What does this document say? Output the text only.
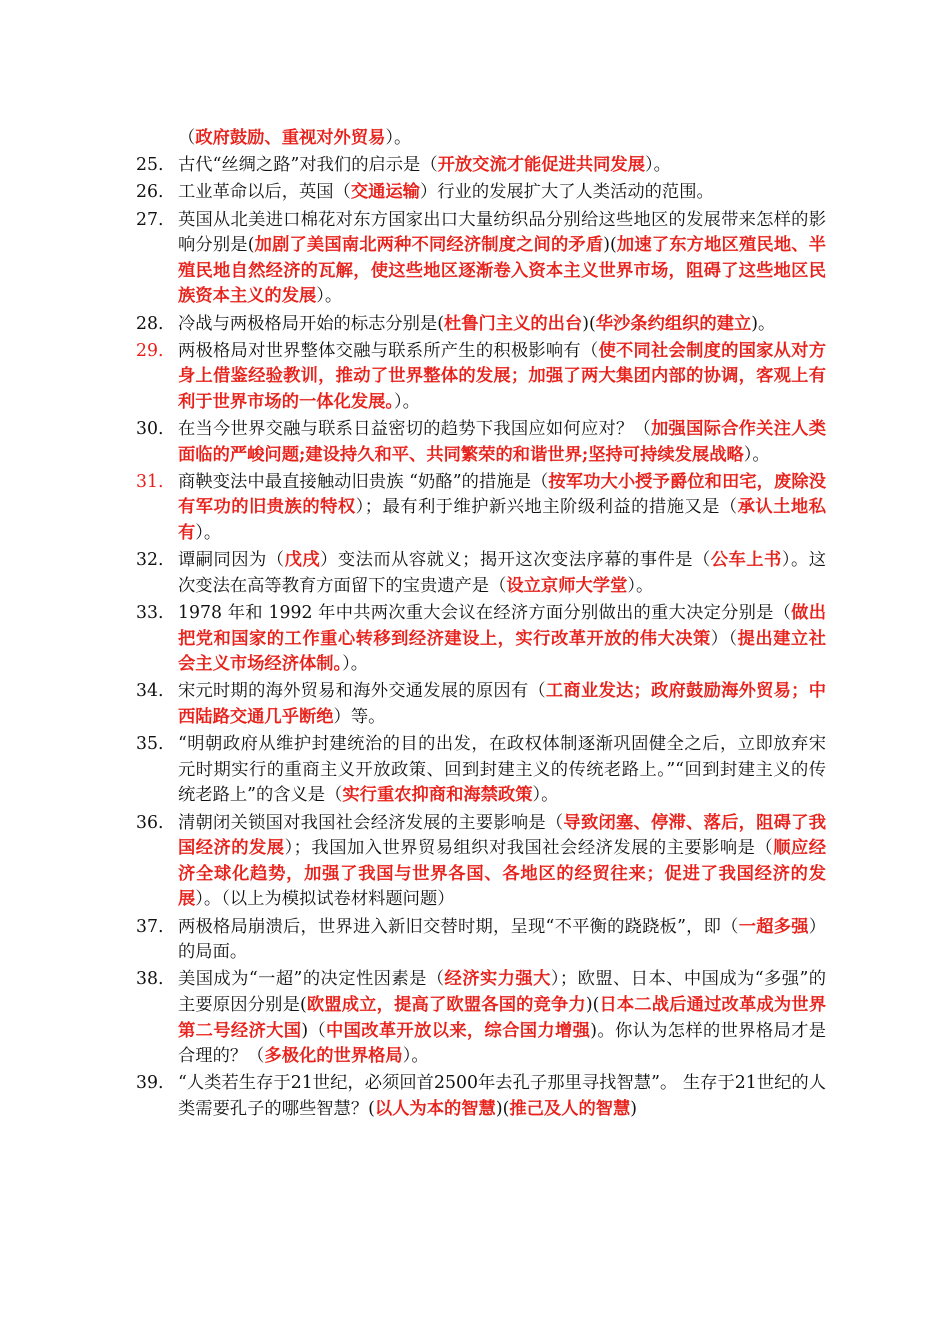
（政府鼓励、重视对外贸易）。
25. 古代“丝绸之路”对我们的启示是（开放交流才能促进共同发展）。
26. 工业革命以后，英国（交通运输）行业的发展扩大了人类活动的范围。
27. 英国从北美进口棉花对东方国家出口大量纺织品分别给这些地区的发展带来怎样的影响分别是(加剧了美国南北两种不同经济制度之间的矛盾)(加速了东方地区殖民地、半殖民地自然经济的瓦解，使这些地区逐渐卷入资本主义世界市场，阻碍了这些地区民族资本主义的发展）。
28. 冷战与两极格局开始的标志分别是(杜鲁门主义的出台)(华沙条约组织的建立)。
29. 两极格局对世界整体交融与联系所产生的积极影响有（使不同社会制度的国家从对方身上借鉴经验教训，推动了世界整体的发展；加强了两大集团内部的协调，客观上有利于世界市场的一体化发展。）。
30. 在当今世界交融与联系日益密切的趋势下我国应如何应对？（加强国际合作关注人类面临的严峻问题;建设持久和平、共同繁荣的和谐世界;坚持可持续发展战略）。
31. 商鞅变法中最直接触动旧贵族 “奶酪”的措施是（按军功大小授予爵位和田宅，废除没有军功的旧贵族的特权）；最有利于维护新兴地主阶级利益的措施又是（承认土地私有）。
32. 谭嗣同因为（戊戌）变法而从容就义；揭开这次变法序幕的事件是（公车上书）。这次变法在高等教育方面留下的宝贵遗产是（设立京师大学堂）。
33. 1978 年和 1992 年中共两次重大会议在经济方面分别做出的重大决定分别是（做出把党和国家的工作重心转移到经济建设上，实行改革开放的伟大决策）（提出建立社会主义市场经济体制。）。
34. 宋元时期的海外贸易和海外交通发展的原因有（工商业发达；政府鼓励海外贸易；中西陆路交通几乎断绝）等。
35. “明朝政府从维护封建统治的目的出发，在政权体制逐渐巩固健全之后，立即放弃宋元时期实行的重商主义开放政策、回到封建主义的传统老路上。”“回到封建主义的传统老路上”的含义是（实行重农抑商和海禁政策）。
36. 清朝闭关锁国对我国社会经济发展的主要影响是（导致闭塞、停滞、落后，阻碍了我国经济的发展）；我国加入世界贸易组织对我国社会经济发展的主要影响是（顺应经济全球化趋势，加强了我国与世界各国、各地区的经贸往来；促进了我国经济的发展）。（以上为模拟试卷材料题问题）
37. 两极格局崩溃后，世界进入新旧交替时期，呈现“不平衡的跷跷板”，即（一超多强）的局面。
38. 美国成为“一超”的决定性因素是（经济实力强大）；欧盟、日本、中国成为“多强”的主要原因分别是(欧盟成立，提高了欧盟各国的竞争力)(日本二战后通过改革成为世界第二号经济大国)（中国改革开放以来，综合国力增强)。你认为怎样的世界格局才是合理的？（多极化的世界格局）。
39. “人类若生存于21世纪，必须回首2500年去孔子那里寻找智慧”。 生存于21世纪的人类需要孔子的哪些智慧？(以人为本的智慧)(推己及人的智慧)
